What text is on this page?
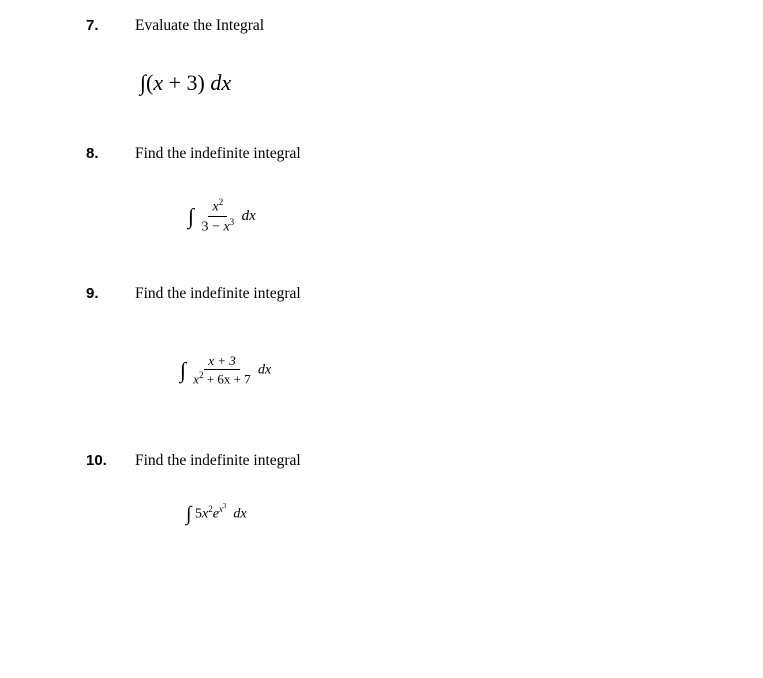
7. Evaluate the Integral
∫(x + 3) dx
8. Find the indefinite integral
∫ $\frac{x^2}{3 - x^3}$ dx
9. Find the indefinite integral
∫ $\frac{x + 3}{x^2 + 6x + 7}$ dx
10. Find the indefinite integral
∫ $5x^2e^{x^3}$  dx
